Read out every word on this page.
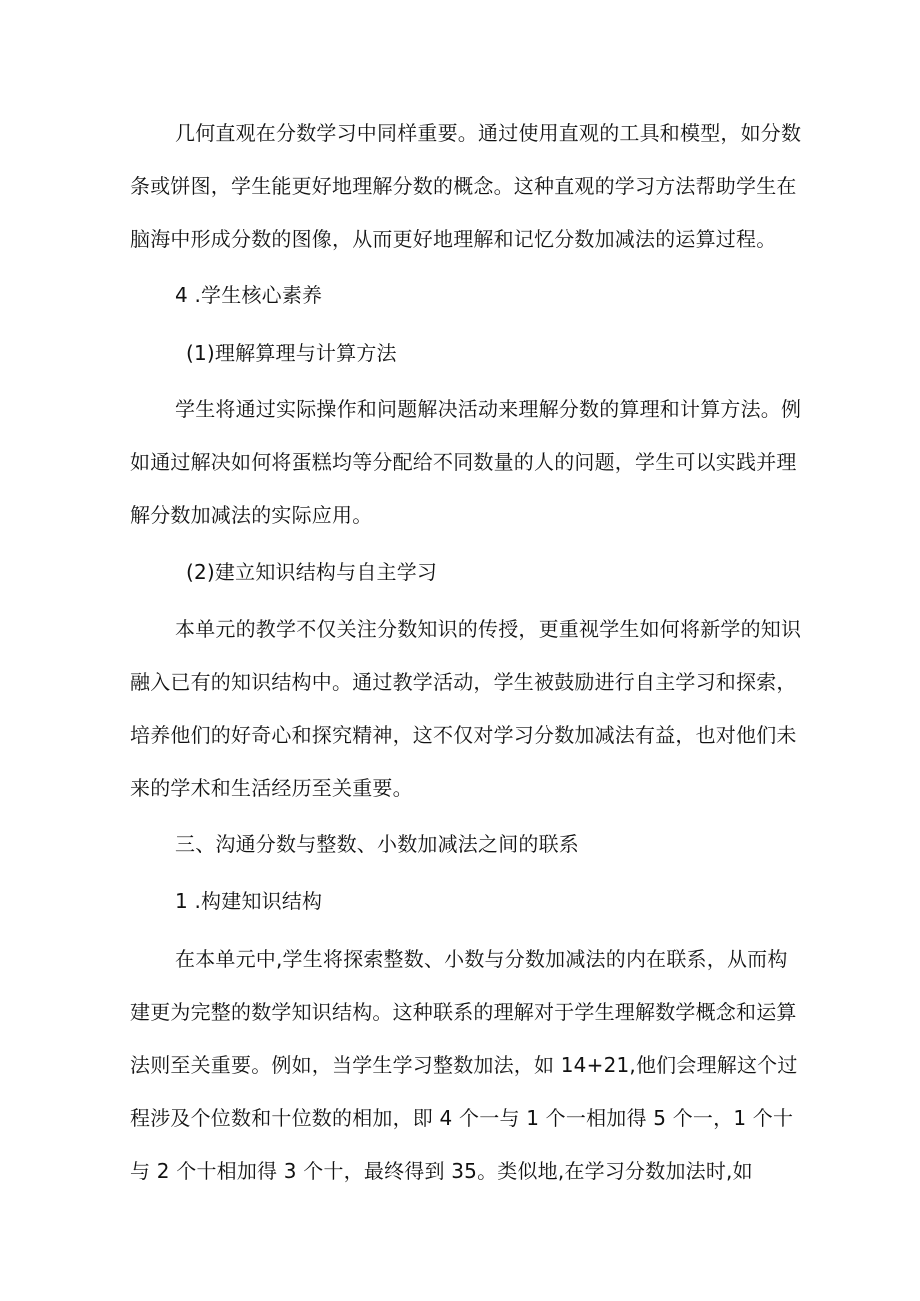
几何直观在分数学习中同样重要。通过使用直观的工具和模型，如分数
条或饼图，学生能更好地理解分数的概念。这种直观的学习方法帮助学生在
脑海中形成分数的图像，从而更好地理解和记忆分数加减法的运算过程。
4 .学生核心素养
(1)理解算理与计算方法
学生将通过实际操作和问题解决活动来理解分数的算理和计算方法。例
如通过解决如何将蛋糕均等分配给不同数量的人的问题，学生可以实践并理
解分数加减法的实际应用。
(2)建立知识结构与自主学习
本单元的教学不仅关注分数知识的传授，更重视学生如何将新学的知识
融入已有的知识结构中。通过教学活动，学生被鼓励进行自主学习和探索，
培养他们的好奇心和探究精神，这不仅对学习分数加减法有益，也对他们未
来的学术和生活经历至关重要。
三、沟通分数与整数、小数加减法之间的联系
1 .构建知识结构
在本单元中,学生将探索整数、小数与分数加减法的内在联系，从而构
建更为完整的数学知识结构。这种联系的理解对于学生理解数学概念和运算
法则至关重要。例如，当学生学习整数加法，如 14+21,他们会理解这个过
程涉及个位数和十位数的相加，即 4 个一与 1 个一相加得 5 个一，1 个十
与 2 个十相加得 3 个十，最终得到 35。类似地,在学习分数加法时,如
